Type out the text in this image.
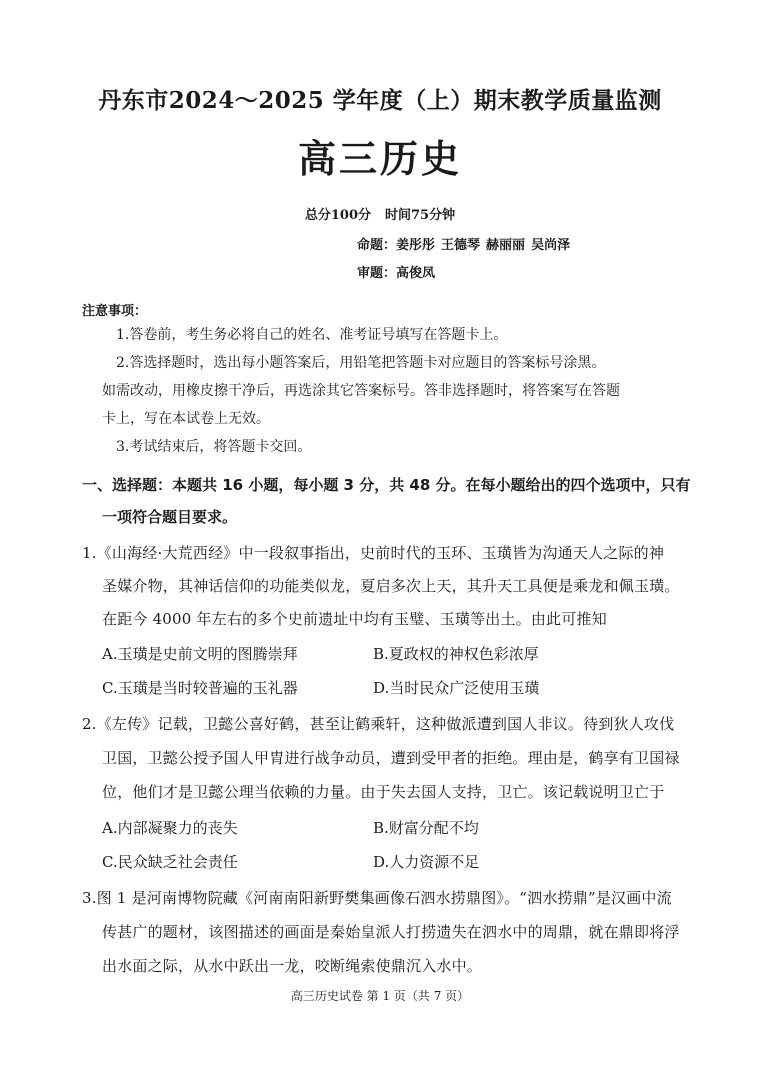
丹东市2024～2025 学年度（上）期末教学质量监测
高三历史
总分100分 时间75分钟
命题：姜彤彤 王德琴 赫丽丽 吴尚泽
审题：高俊凤
注意事项：
1.答卷前，考生务必将自己的姓名、准考证号填写在答题卡上。
2.答选择题时，选出每小题答案后，用铅笔把答题卡对应题目的答案标号涂黑。
如需改动，用橡皮擦干净后，再选涂其它答案标号。答非选择题时，将答案写在答题
卡上，写在本试卷上无效。
3.考试结束后，将答题卡交回。
一、选择题：本题共 16 小题，每小题 3 分，共 48 分。在每小题给出的四个选项中，只有
一项符合题目要求。
1.《山海经·大荒西经》中一段叙事指出，史前时代的玉环、玉璜皆为沟通天人之际的神
圣媒介物，其神话信仰的功能类似龙，夏启多次上天，其升天工具便是乘龙和佩玉璜。
在距今 4000 年左右的多个史前遗址中均有玉璧、玉璜等出土。由此可推知
A.玉璜是史前文明的图腾崇拜	B.夏政权的神权色彩浓厚
C.玉璜是当时较普遍的玉礼器	D.当时民众广泛使用玉璜
2.《左传》记载，卫懿公喜好鹤，甚至让鹤乘轩，这种做派遭到国人非议。待到狄人攻伐
卫国，卫懿公授予国人甲胄进行战争动员，遭到受甲者的拒绝。理由是，鹤享有卫国禄
位，他们才是卫懿公理当依赖的力量。由于失去国人支持，卫亡。该记载说明卫亡于
A.内部凝聚力的丧失	B.财富分配不均
C.民众缺乏社会责任	D.人力资源不足
3.图 1 是河南博物院藏《河南南阳新野樊集画像石泗水捞鼎图》。“泗水捞鼎”是汉画中流
传甚广的题材，该图描述的画面是秦始皇派人打捞遗失在泗水中的周鼎，就在鼎即将浮
出水面之际，从水中跃出一龙，咬断绳索使鼎沉入水中。
高三历史试卷 第 1 页（共 7 页）
